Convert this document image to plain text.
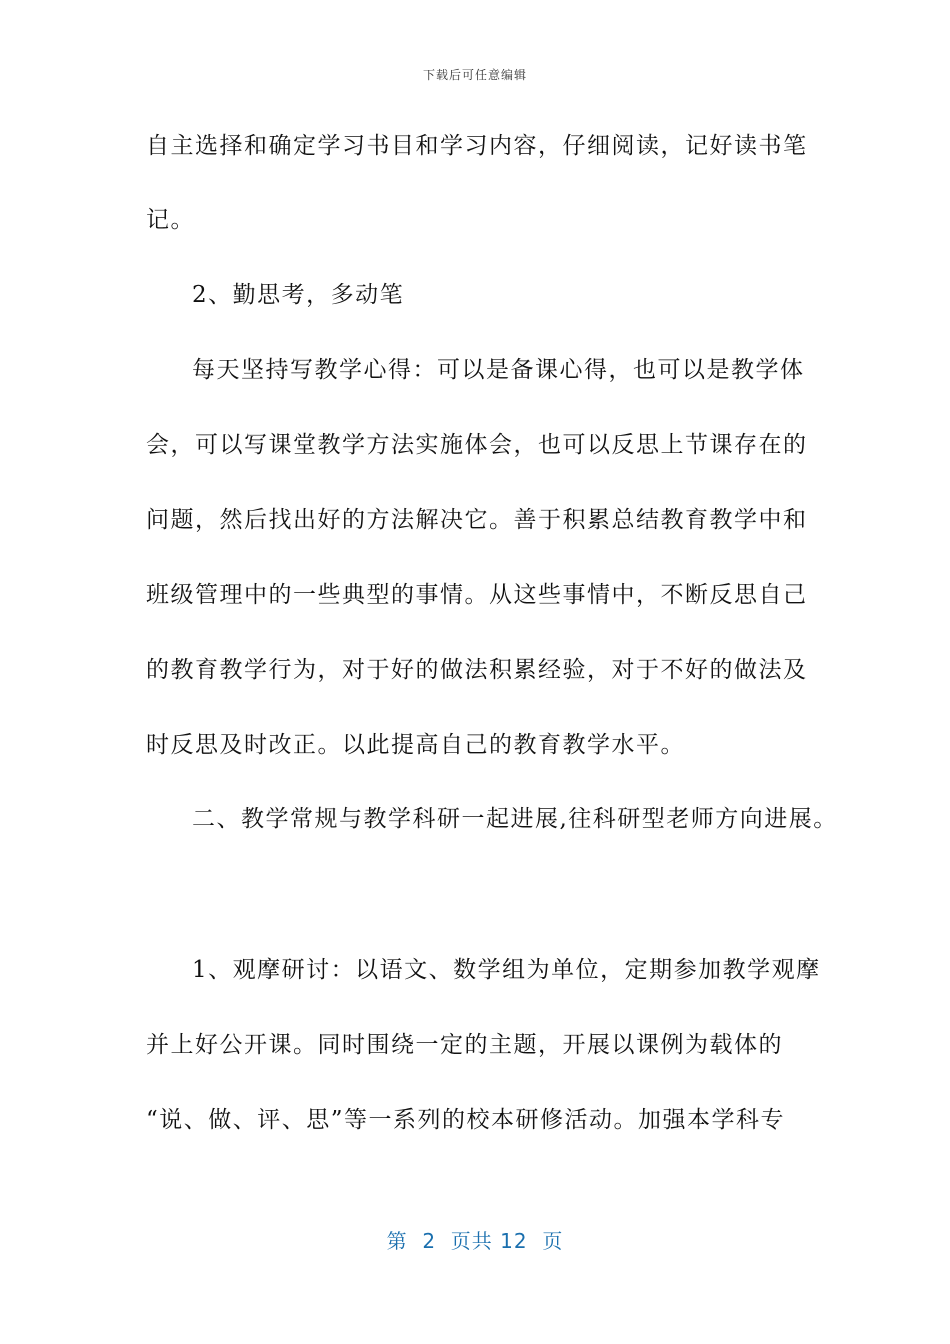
下载后可任意编辑
自主选择和确定学习书目和学习内容，仔细阅读，记好读书笔
记。
2、勤思考，多动笔
每天坚持写教学心得：可以是备课心得，也可以是教学体
会，可以写课堂教学方法实施体会，也可以反思上节课存在的
问题，然后找出好的方法解决它。善于积累总结教育教学中和
班级管理中的一些典型的事情。从这些事情中，不断反思自己
的教育教学行为，对于好的做法积累经验，对于不好的做法及
时反思及时改正。以此提高自己的教育教学水平。
二、教学常规与教学科研一起进展,往科研型老师方向进展。
1、观摩研讨：以语文、数学组为单位，定期参加教学观摩
并上好公开课。同时围绕一定的主题，开展以课例为载体的
“说、做、评、思”等一系列的校本研修活动。加强本学科专
第  2  页共 12  页
